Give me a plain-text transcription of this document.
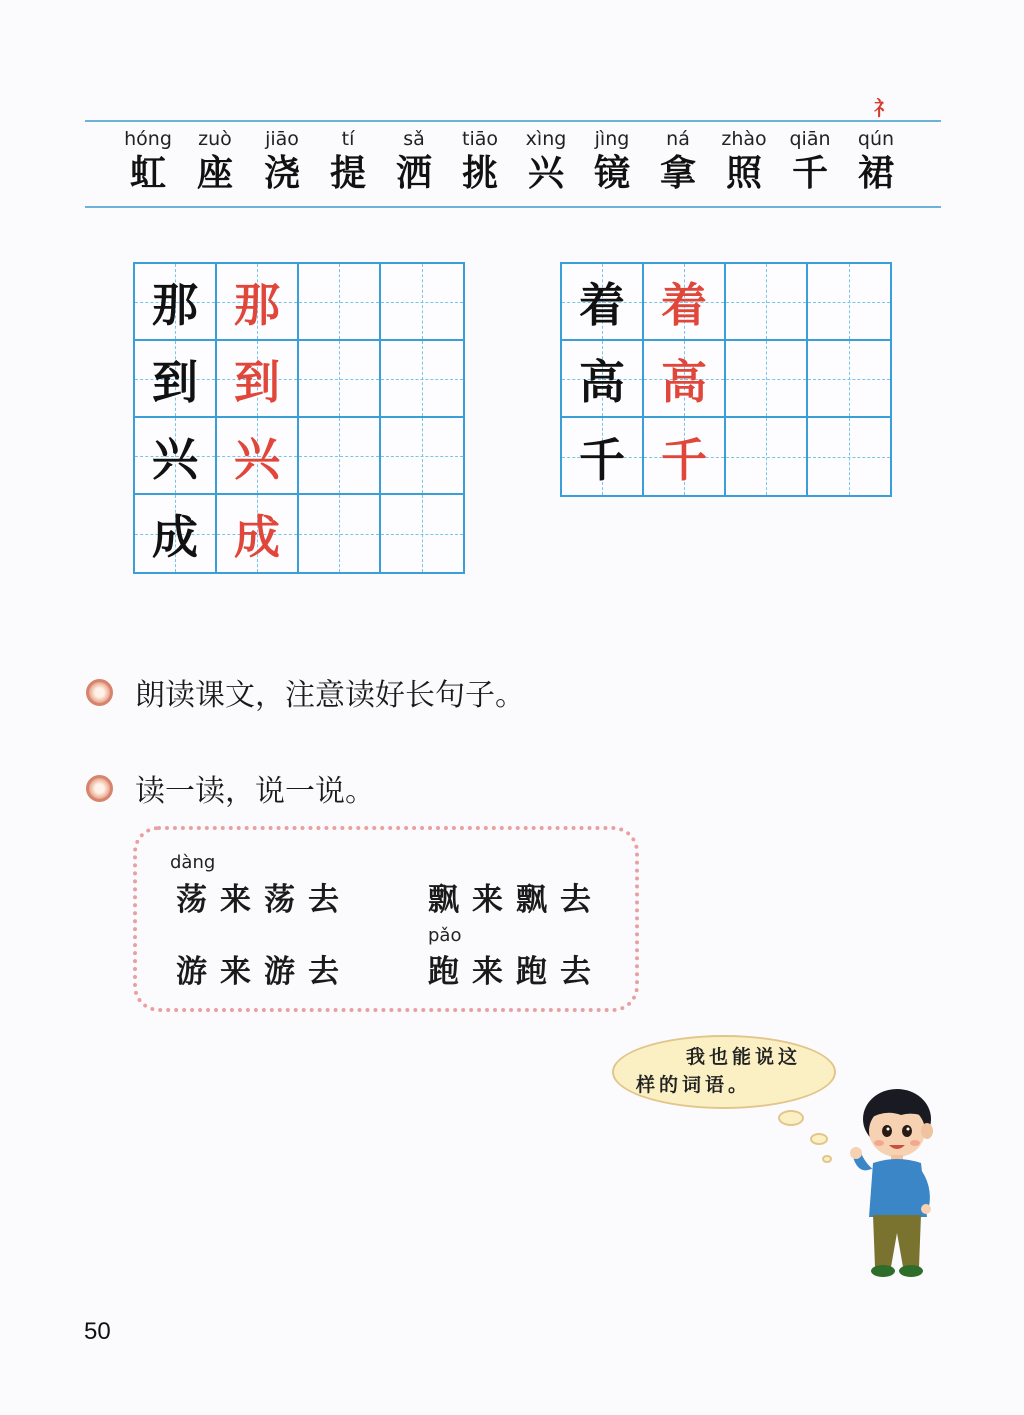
礻
hóng
虹
zuò
座
jiāo
浇
tí
提
sǎ
洒
tiāo
挑
xìng
兴
jìng
镜
ná
拿
zhào
照
qiān
千
qún
裙
那 那
到 到
兴 兴
成 成
着 着
高 高
千 千
朗读课文，注意读好长句子。
读一读，说一说。
dàng
荡来荡去 飘来飘去
pǎo
游来游去 跑来跑去
我也能说这
样的词语。
50
